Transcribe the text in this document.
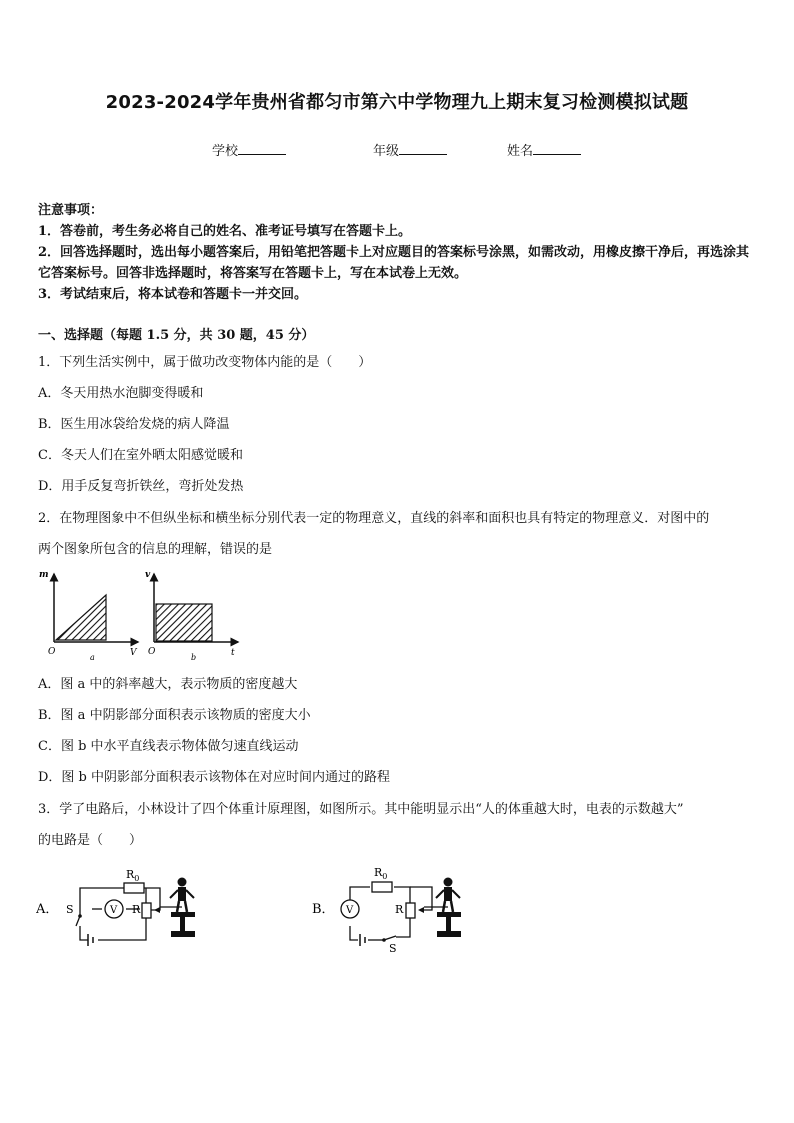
2023-2024学年贵州省都匀市第六中学物理九上期末复习检测模拟试题
学校	年级	姓名
注意事项：
1．答卷前，考生务必将自己的姓名、准考证号填写在答题卡上。
2．回答选择题时，选出每小题答案后，用铅笔把答题卡上对应题目的答案标号涂黑，如需改动，用橡皮擦干净后，再选涂其它答案标号。回答非选择题时，将答案写在答题卡上，写在本试卷上无效。
3．考试结束后，将本试卷和答题卡一并交回。
一、选择题（每题 1.5 分，共 30 题，45 分）
1．下列生活实例中，属于做功改变物体内能的是（　　）
A．冬天用热水泡脚变得暖和
B．医生用冰袋给发烧的病人降温
C．冬天人们在室外晒太阳感觉暖和
D．用手反复弯折铁丝，弯折处发热
2．在物理图象中不但纵坐标和横坐标分别代表一定的物理意义，直线的斜率和面积也具有特定的物理意义．对图中的
两个图象所包含的信息的理解，错误的是
m
V
O
a
v
t
O
b
A．图 a 中的斜率越大，表示物质的密度越大
B．图 a 中阴影部分面积表示该物质的密度大小
C．图 b 中水平直线表示物体做匀速直线运动
D．图 b 中阴影部分面积表示该物体在对应时间内通过的路程
3．学了电路后，小林设计了四个体重计原理图，如图所示。其中能明显示出“人的体重越大时，电表的示数越大”
的电路是（　　）
A．
$R_0$
S	V R	B．
$R_0$
V
S
R
